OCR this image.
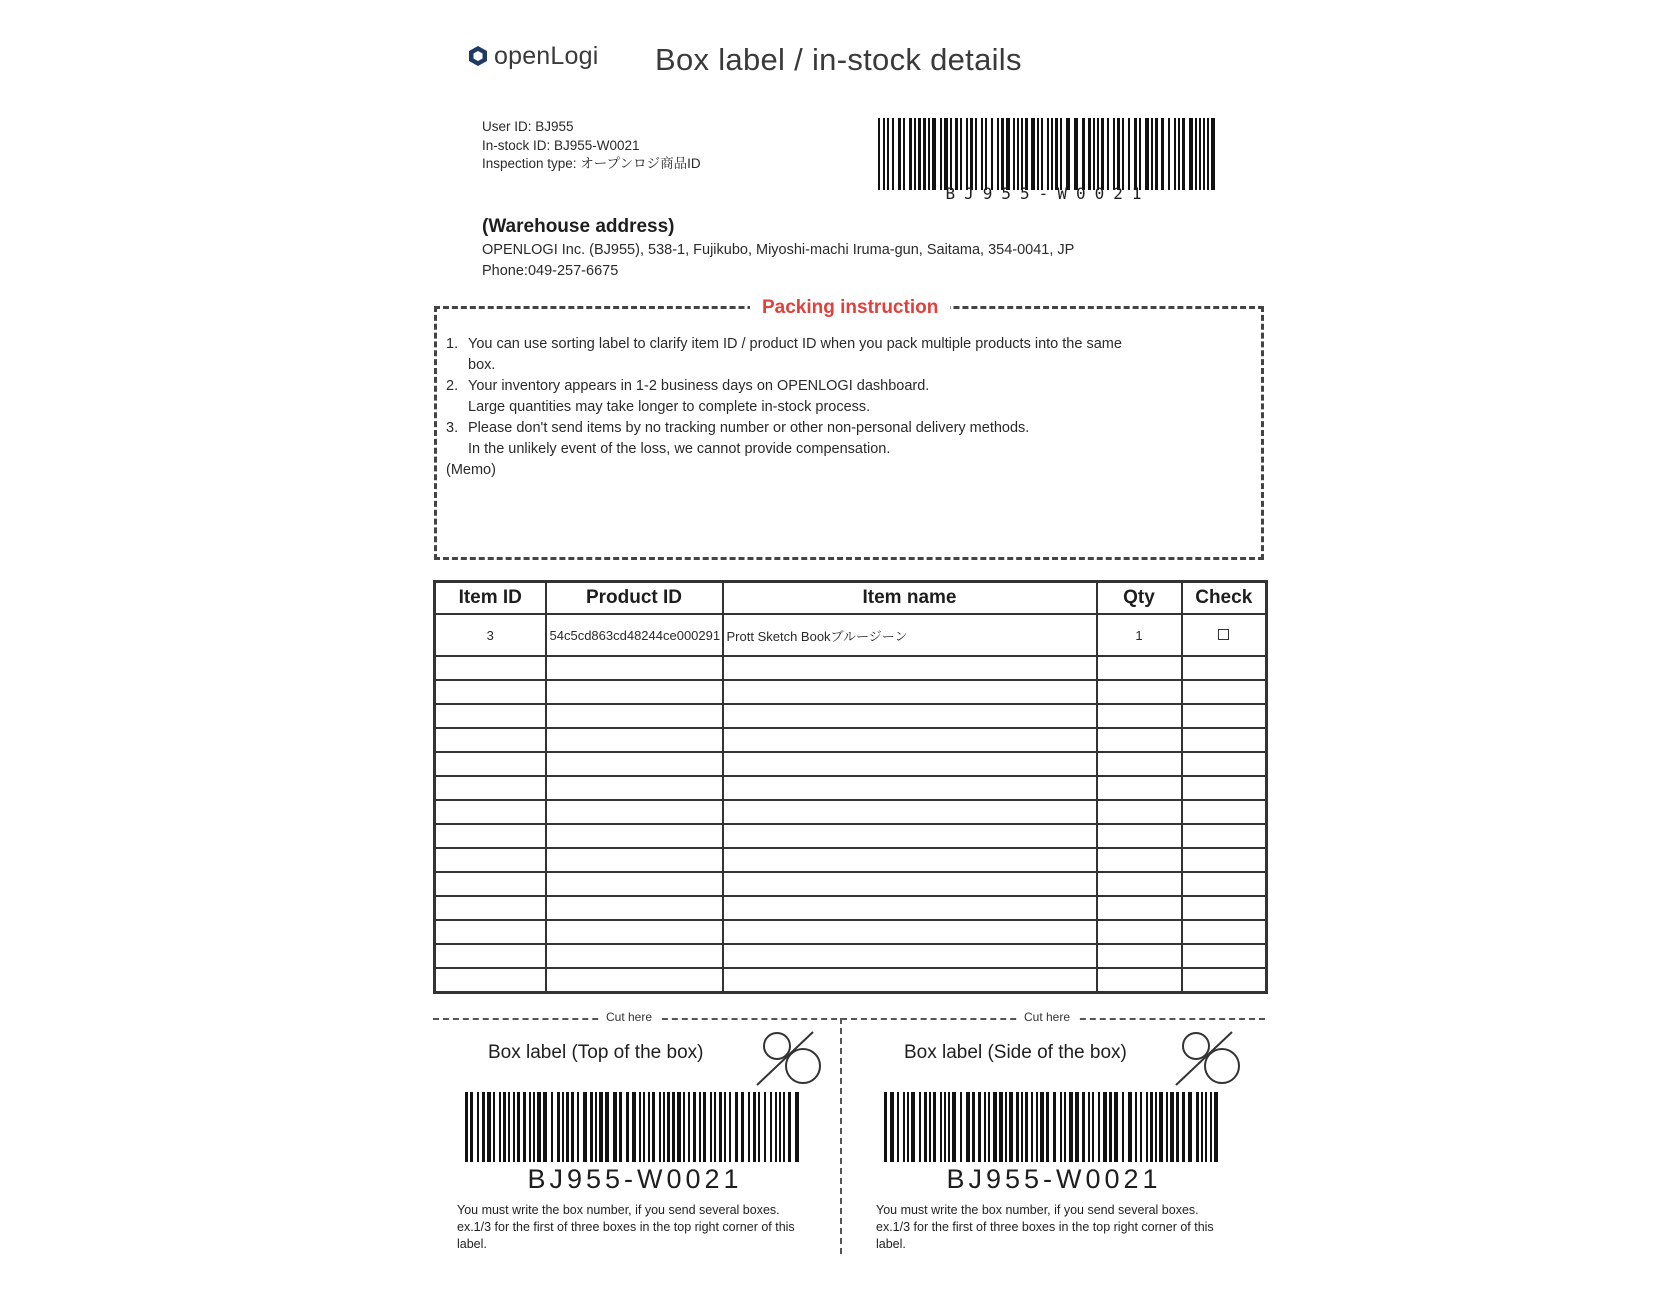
openLogi Box label / in-stock details
User ID: BJ955
In-stock ID: BJ955-W0021
Inspection type: オープンロジ商品ID
BJ955-W0021
(Warehouse address)
OPENLOGI Inc. (BJ955), 538-1, Fujikubo, Miyoshi-machi Iruma-gun, Saitama, 354-0041, JP
Phone:049-257-6675
Packing instruction
1. You can use sorting label to clarify item ID / product ID when you pack multiple products into the same
box.
2. Your inventory appears in 1-2 business days on OPENLOGI dashboard.
Large quantities may take longer to complete in-stock process.
3. Please don't send items by no tracking number or other non-personal delivery methods.
In the unlikely event of the loss, we cannot provide compensation.
(Memo)
Item ID	Product ID	Item name	Qty	Check
3	54c5cd863cd48244ce000291	Prott Sketch Bookブルージーン	1	

Cut here	Cut here
Box label (Top of the box)
BJ955-W0021
You must write the box number, if you send several boxes. ex.1/3 for the first of three boxes in the top right corner of this label.
Box label (Side of the box)
BJ955-W0021
You must write the box number, if you send several boxes. ex.1/3 for the first of three boxes in the top right corner of this label.
